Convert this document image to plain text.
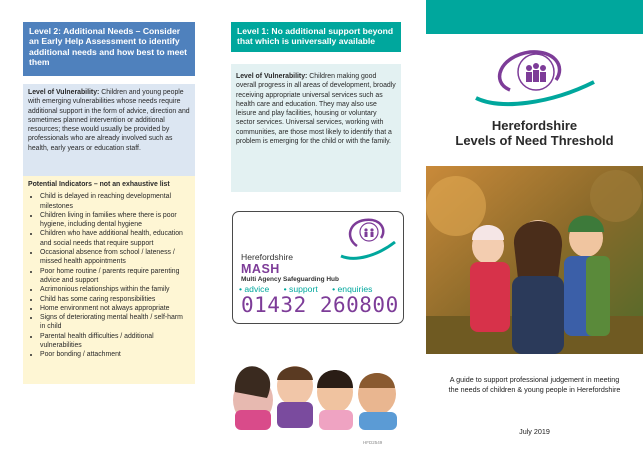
Level 2: Additional Needs – Consider an Early Help Assessment to identify additional needs and how best to meet them
Level of Vulnerability: Children and young people with emerging vulnerabilities whose needs require additional support in the form of advice, direction and sometimes planned intervention or additional resources; these would usually be provided by professionals who are already involved such as health, early years or education staff.
Potential Indicators – not an exhaustive list
• Child is delayed in reaching developmental milestones
• Children living in families where there is poor hygiene, including dental hygiene
• Children who have additional health, education and social needs that require support
• Occasional absence from school / lateness / missed health appointments
• Poor home routine / parents require parenting advice and support
• Acrimonious relationships within the family
• Child has some caring responsibilities
• Home environment not always appropriate
• Signs of deteriorating mental health / self-harm in child
• Parental health difficulties / additional vulnerabilities
• Poor bonding / attachment
Level 1: No additional support beyond that which is universally available
Level of Vulnerability: Children making good overall progress in all areas of development, broadly receiving appropriate universal services such as health care and education. They may also use leisure and play facilities, housing or voluntary sector services. Universal services, working with communities, are those most likely to identify that a problem is emerging for the child or with the family.
Herefordshire
MASH
Multi Agency Safeguarding Hub
• advice • support • enquiries
01432 260800
HFD2549
Herefordshire
Levels of Need Threshold
A guide to support professional judgement in meeting the needs of children & young people in Herefordshire
July 2019
